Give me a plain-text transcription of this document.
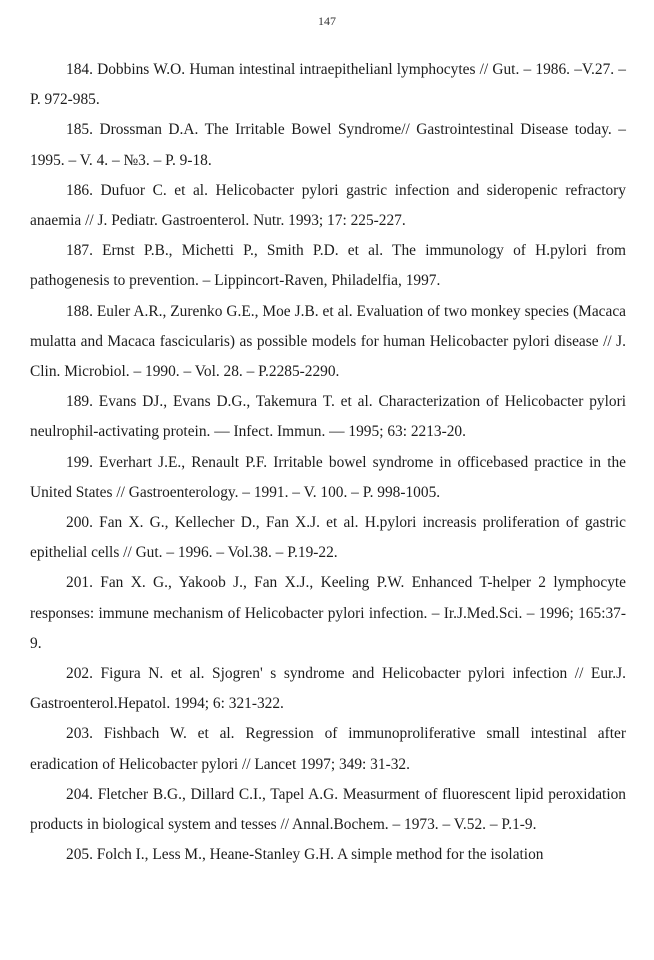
147

184. Dobbins W.O. Human intestinal intraepithelianl lymphocytes // Gut. – 1986. –V.27. – P. 972-985.

185. Drossman D.A. The Irritable Bowel Syndrome// Gastrointestinal Disease today. – 1995. – V. 4. – №3. – P. 9-18.

186. Dufuor C. et al. Helicobacter pylori gastric infection and sideropenic refractory anaemia // J. Pediatr. Gastroenterol. Nutr. 1993; 17: 225-227.

187. Ernst P.B., Michetti P., Smith P.D. et al. The immunology of H.pylori from pathogenesis to prevention. – Lippincort-Raven, Philadelfia, 1997.

188. Euler A.R., Zurenko G.E., Moe J.B. et al. Evaluation of two monkey species (Macaca mulatta and Macaca fascicularis) as possible models for human Helicobacter pylori disease // J. Clin. Microbiol. – 1990. – Vol. 28. – P.2285-2290.

189. Evans DJ., Evans D.G., Takemura T. et al. Characterization of Helicobacter pylori neulrophil-activating protein. — Infect. Immun. — 1995; 63: 2213-20.

199. Everhart J.E., Renault P.F. Irritable bowel syndrome in officebased practice in the United States // Gastroenterology. – 1991. – V. 100. – P. 998-1005.

200. Fan X. G., Kellecher D., Fan X.J. et al. H.pylori increasis proliferation of gastric epithelial cells // Gut. – 1996. – Vol.38. – P.19-22.

201. Fan X. G., Yakoob J., Fan X.J., Keeling P.W. Enhanced T-helper 2 lymphocyte responses: immune mechanism of Helicobacter pylori infection. – Ir.J.Med.Sci. – 1996; 165:37-9.

202. Figura N. et al. Sjogren' s syndrome and Helicobacter pylori infection // Eur.J. Gastroenterol.Hepatol. 1994; 6: 321-322.

203. Fishbach W. et al. Regression of immunoproliferative small intestinal after eradication of Helicobacter pylori // Lancet 1997; 349: 31-32.

204. Fletcher B.G., Dillard C.I., Tapel A.G. Measurment of fluorescent lipid peroxidation products in biological system and tesses // Annal.Bochem. – 1973. – V.52. – P.1-9.

205. Folch I., Less M., Heane-Stanley G.H. A simple method for the isolation
